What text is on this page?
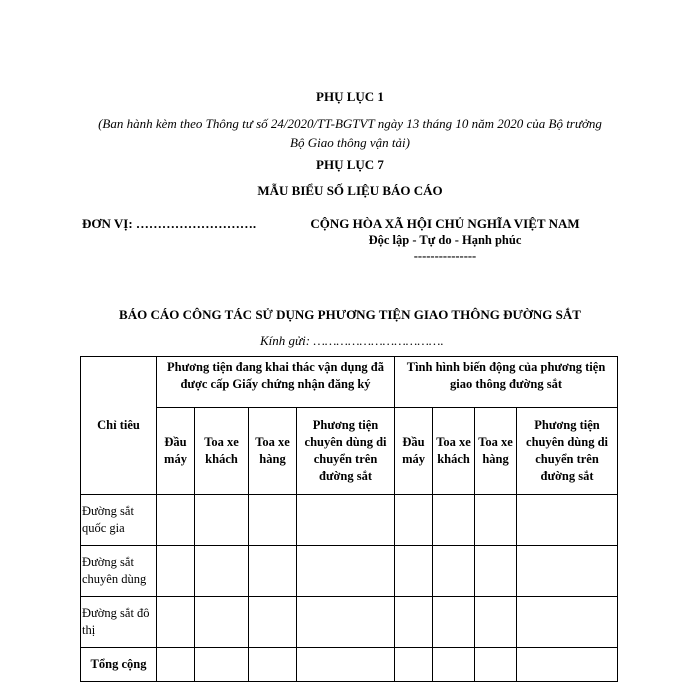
PHỤ LỤC 1
(Ban hành kèm theo Thông tư số 24/2020/TT-BGTVT ngày 13 tháng 10 năm 2020 của Bộ trưởng
Bộ Giao thông vận tải)
PHỤ LỤC 7
MẪU BIỂU SỐ LIỆU BÁO CÁO
ĐƠN VỊ: ……………………….	CỘNG HÒA XÃ HỘI CHỦ NGHĨA VIỆT NAM
Độc lập - Tự do - Hạnh phúc
---------------
BÁO CÁO CÔNG TÁC SỬ DỤNG PHƯƠNG TIỆN GIAO THÔNG ĐƯỜNG SẮT
Kính gửi: …………………………….
Chỉ tiêu	Phương tiện đang khai thác vận dụng đã được cấp Giấy chứng nhận đăng ký				Tình hình biến động của phương tiện giao thông đường sắt			
	Đầu máy	Toa xe khách	Toa xe hàng	Phương tiện chuyên dùng di chuyển trên đường sắt	Đầu máy	Toa xe khách	Toa xe hàng	Phương tiện chuyên dùng di chuyển trên đường sắt
Đường sắt quốc gia								
Đường sắt chuyên dùng								
Đường sắt đô thị								
Tổng cộng								
